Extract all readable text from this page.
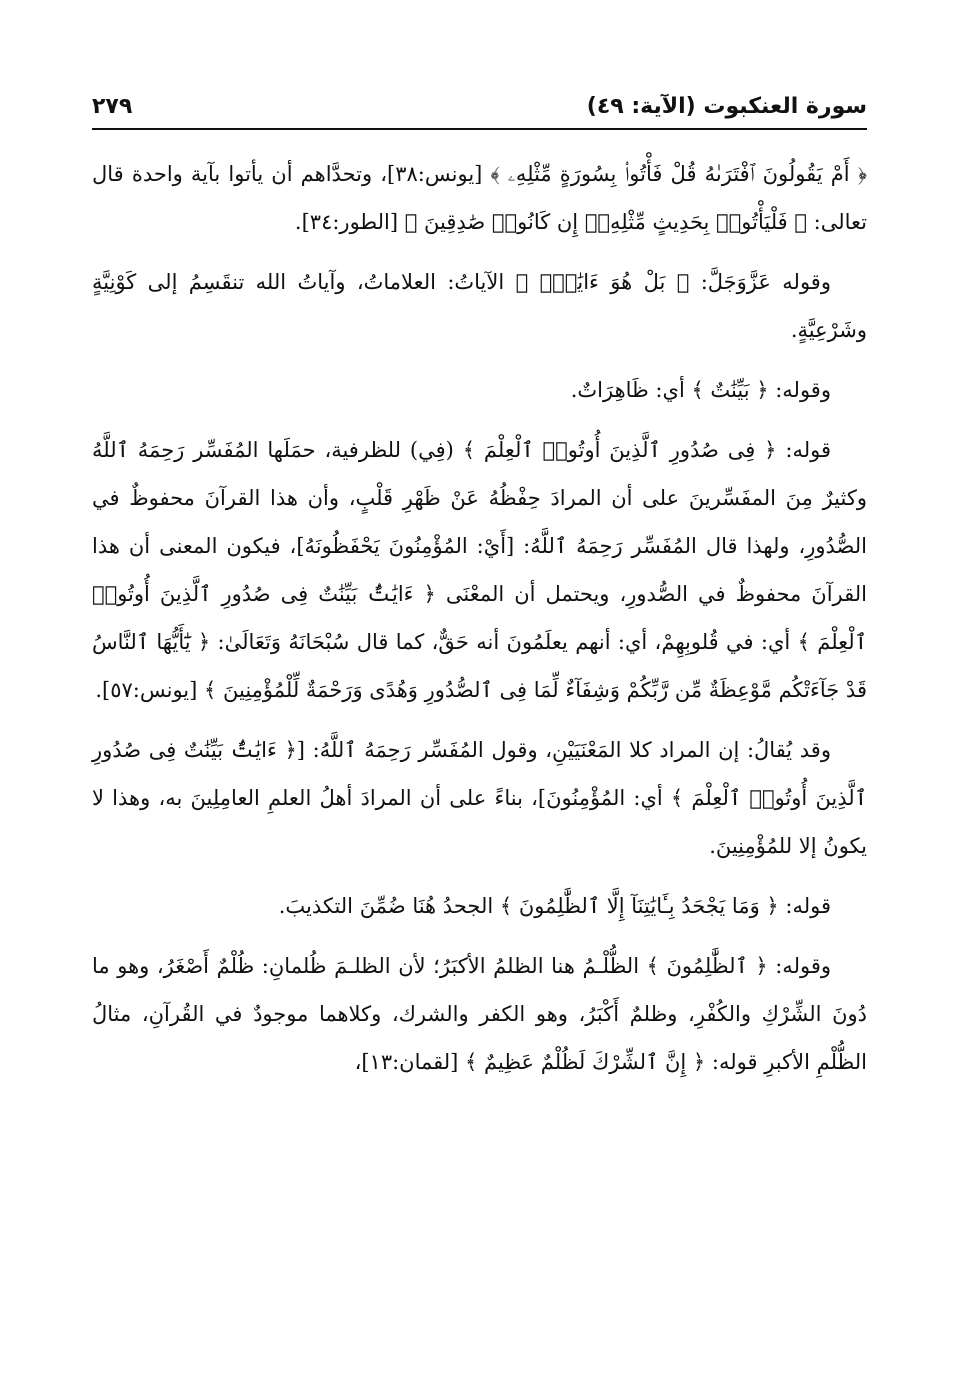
سورة العنكبوت (الآية: ٤٩)
٢٧٩

﴿ أَمْ يَقُولُونَ ٱفْتَرَىٰهُ قُلْ فَأْتُوا۟ بِسُورَةٍ مِّثْلِهِۦ ﴾ [يونس:٣٨]، وتحدَّاهم أن يأتوا بآية واحدة قال تعالى: ﴿ فَلْيَأْتُوا۟ بِحَدِيثٍ مِّثْلِهِۦٓ إِن كَانُوا۟ صَٰدِقِينَ ﴾ [الطور:٣٤].

وقوله عَزَّوَجَلَّ: ﴿ بَلْ هُوَ ءَايَٰتٌۢ ﴾ الآياتُ: العلاماتُ، وآياتُ الله تنقَسِمُ إلى كَوْنِيَّةٍ وشَرْعِيَّةٍ.

وقوله: ﴿ بَيِّنَٰتٌ ﴾ أي: ظَاهِرَاتٌ.

قوله: ﴿ فِى صُدُورِ ٱلَّذِينَ أُوتُوا۟ ٱلْعِلْمَ ﴾ (فِي) للظرفية، حمَلَها المُفَسِّر رَحِمَهُ ٱللَّهُ وكثيرٌ مِنَ المفَسِّرينَ على أن المرادَ حِفْظُهُ عَنْ ظَهْرِ قَلْبٍ، وأن هذا القرآنَ محفوظٌ في الصُّدُورِ، ولهذا قال المُفَسِّر رَحِمَهُ ٱللَّهُ: [أَيْ: المُؤْمِنُونَ يَحْفَظُونَهُ]، فيكون المعنى أن هذا القرآنَ محفوظٌ في الصُّدورِ، ويحتمل أن المعْنَى ﴿ ءَايَٰتٌۢ بَيِّنَٰتٌ فِى صُدُورِ ٱلَّذِينَ أُوتُوا۟ ٱلْعِلْمَ ﴾ أي: في قُلوبِهِمْ، أي: أنهم يعلَمُونَ أنه حَقٌّ، كما قال سُبْحَانَهُ وَتَعَالَىٰ: ﴿ يَٰٓأَيُّهَا ٱلنَّاسُ قَدْ جَآءَتْكُم مَّوْعِظَةٌ مِّن رَّبِّكُمْ وَشِفَآءٌ لِّمَا فِى ٱلصُّدُورِ وَهُدًى وَرَحْمَةٌ لِّلْمُؤْمِنِينَ ﴾ [يونس:٥٧].

وقد يُقالُ: إن المراد كلا المَعْنَيَيْنِ، وقول المُفَسِّر رَحِمَهُ ٱللَّهُ: [﴿ ءَايَٰتٌۢ بَيِّنَٰتٌ فِى صُدُورِ ٱلَّذِينَ أُوتُوا۟ ٱلْعِلْمَ ﴾ أي: المُؤْمِنُونَ]، بناءً على أن المرادَ أهلُ العلمِ العامِلِينَ به، وهذا لا يكونُ إلا للمُؤْمِنِينَ.

قوله: ﴿ وَمَا يَجْحَدُ بِـَٔايَٰتِنَآ إِلَّا ٱلظَّٰلِمُونَ ﴾ الجحدُ هُنَا ضُمِّنَ التكذيبَ.

وقوله: ﴿ ٱلظَّٰلِمُونَ ﴾ الظُّلْـمُ هنا الظلمُ الأكبَرُ؛ لأن الظلـمَ ظُلمانِ: ظُلْمٌ أَصْغَرُ، وهو ما دُونَ الشِّرْكِ والكُفْرِ، وظلمٌ أَكْبَرُ، وهو الكفر والشرك، وكلاهما موجودٌ في القُرآنِ، مثالُ الظُّلْمِ الأكبرِ قوله: ﴿ إِنَّ ٱلشِّرْكَ لَظُلْمٌ عَظِيمٌ ﴾ [لقمان:١٣]،
